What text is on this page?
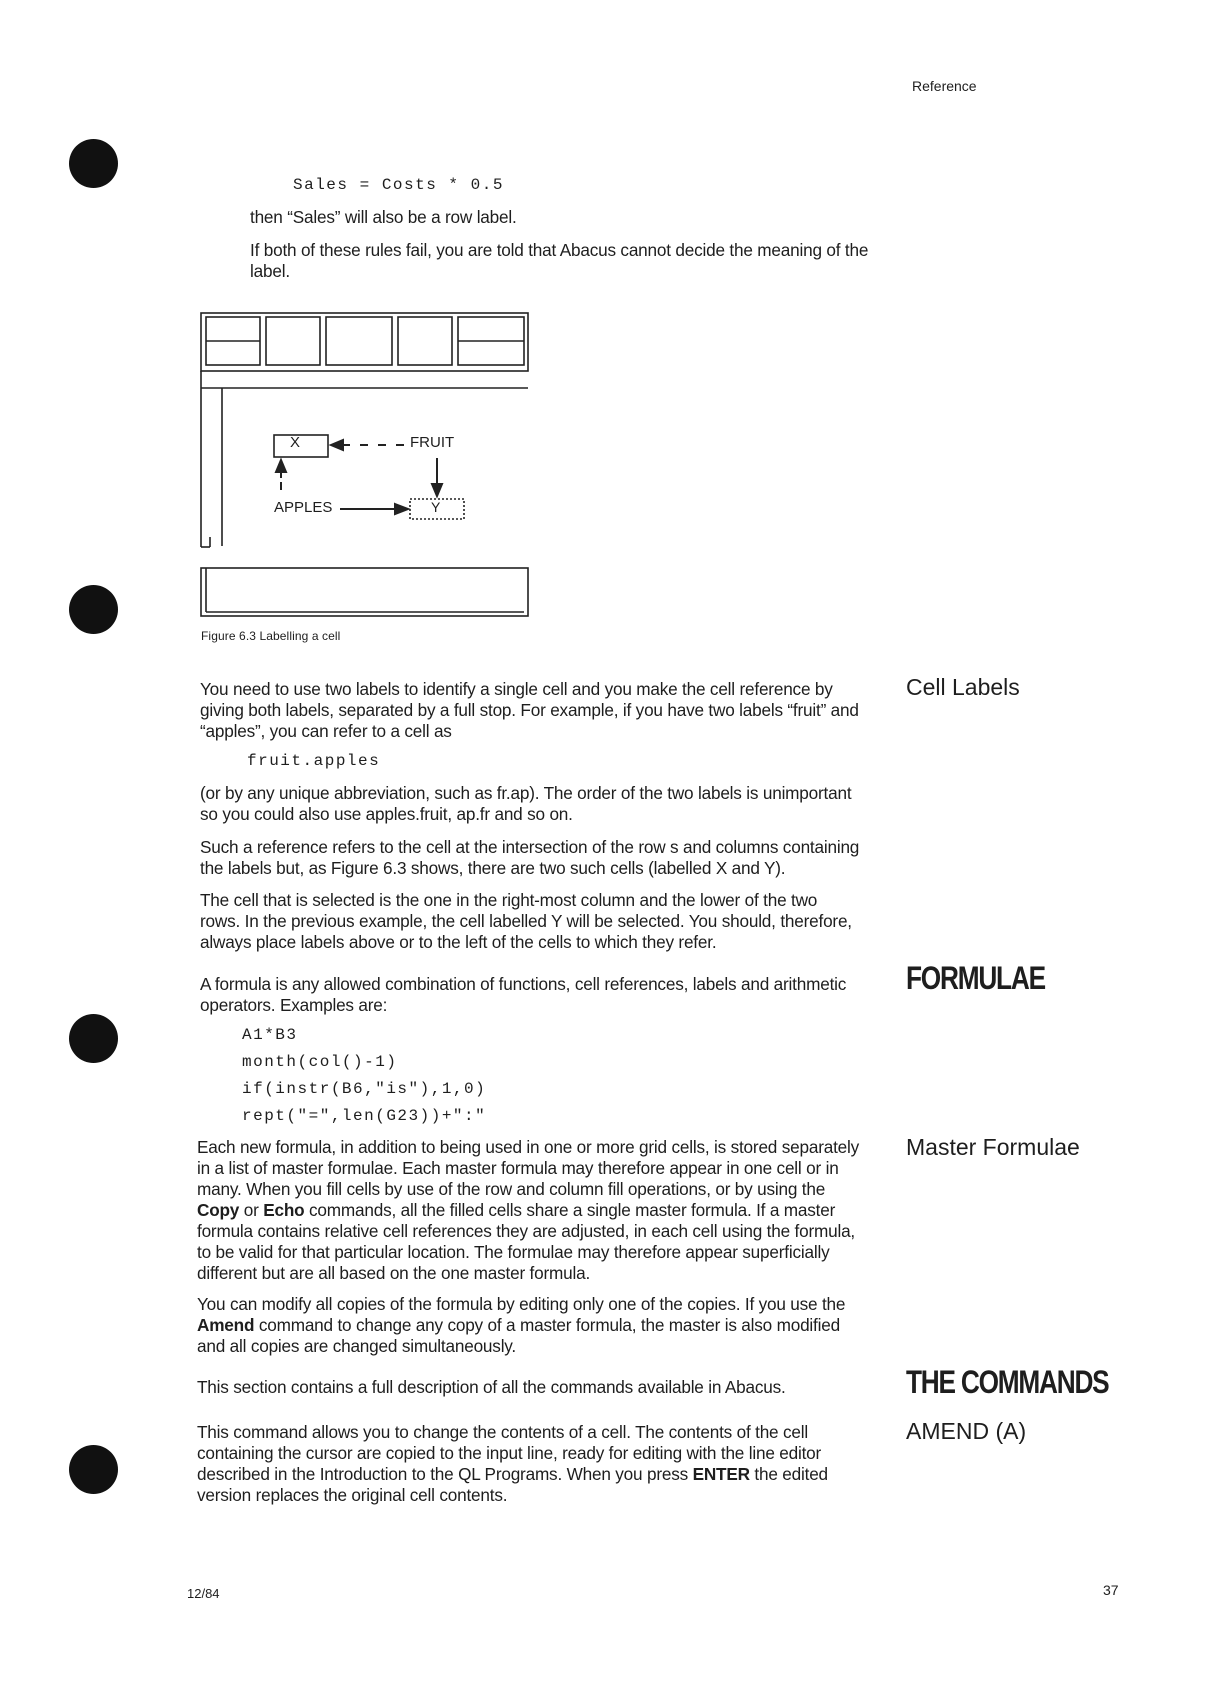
Reference
Sales = Costs * 0.5
then “Sales” will also be a row label.
If both of these rules fail, you are told that Abacus cannot decide the meaning of the label.
X
Y
FRUIT
APPLES
Figure 6.3 Labelling a cell
Cell Labels
You need to use two labels to identify a single cell and you make the cell reference by giving both labels, separated by a full stop. For example, if you have two labels “fruit” and “apples”, you can refer to a cell as
fruit.apples
(or by any unique abbreviation, such as fr.ap). The order of the two labels is unimportant so you could also use apples.fruit, ap.fr and so on.
Such a reference refers to the cell at the intersection of the row s and columns containing the labels but, as Figure 6.3 shows, there are two such cells (labelled X and Y).
The cell that is selected is the one in the right-most column and the lower of the two rows. In the previous example, the cell labelled Y will be selected. You should, therefore, always place labels above or to the left of the cells to which they refer.
FORMULAE
A formula is any allowed combination of functions, cell references, labels and arithmetic operators. Examples are:
A1*B3
month(col()-1)
if(instr(B6,"is"),1,0)
rept("=",len(G23))+":"
Master Formulae
Each new formula, in addition to being used in one or more grid cells, is stored separately in a list of master formulae. Each master formula may therefore appear in one cell or in many. When you fill cells by use of the row and column fill operations, or by using the Copy or Echo commands, all the filled cells share a single master formula. If a master formula contains relative cell references they are adjusted, in each cell using the formula, to be valid for that particular location. The formulae may therefore appear superficially different but are all based on the one master formula.
You can modify all copies of the formula by editing only one of the copies. If you use the Amend command to change any copy of a master formula, the master is also modified and all copies are changed simultaneously.
THE COMMANDS
This section contains a full description of all the commands available in Abacus.
AMEND (A)
This command allows you to change the contents of a cell. The contents of the cell containing the cursor are copied to the input line, ready for editing with the line editor described in the Introduction to the QL Programs. When you press ENTER the edited version replaces the original cell contents.
12/84	37
